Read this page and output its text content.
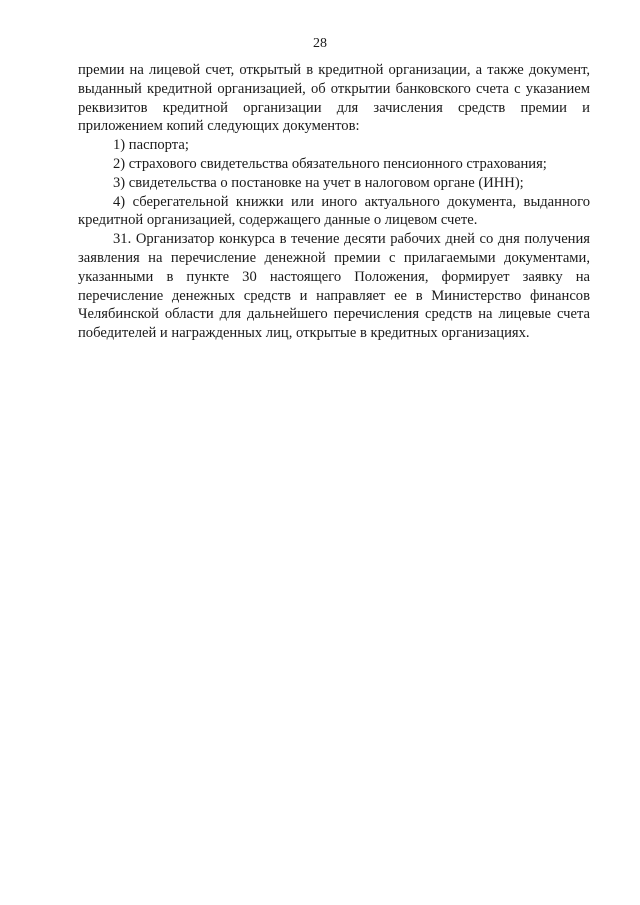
28

премии на лицевой счет, открытый в кредитной организации, а также документ, выданный кредитной организацией, об открытии банковского счета с указанием реквизитов кредитной организации для зачисления средств премии и приложением копий следующих документов:

1) паспорта;

2) страхового свидетельства обязательного пенсионного страхования;

3) свидетельства о постановке на учет в налоговом органе (ИНН);

4) сберегательной книжки или иного актуального документа, выданного кредитной организацией, содержащего данные о лицевом счете.

31. Организатор конкурса в течение десяти рабочих дней со дня получения заявления на перечисление денежной премии с прилагаемыми документами, указанными в пункте 30 настоящего Положения, формирует заявку на перечисление денежных средств и направляет ее в Министерство финансов Челябинской области для дальнейшего перечисления средств на лицевые счета победителей и награжденных лиц, открытые в кредитных организациях.
